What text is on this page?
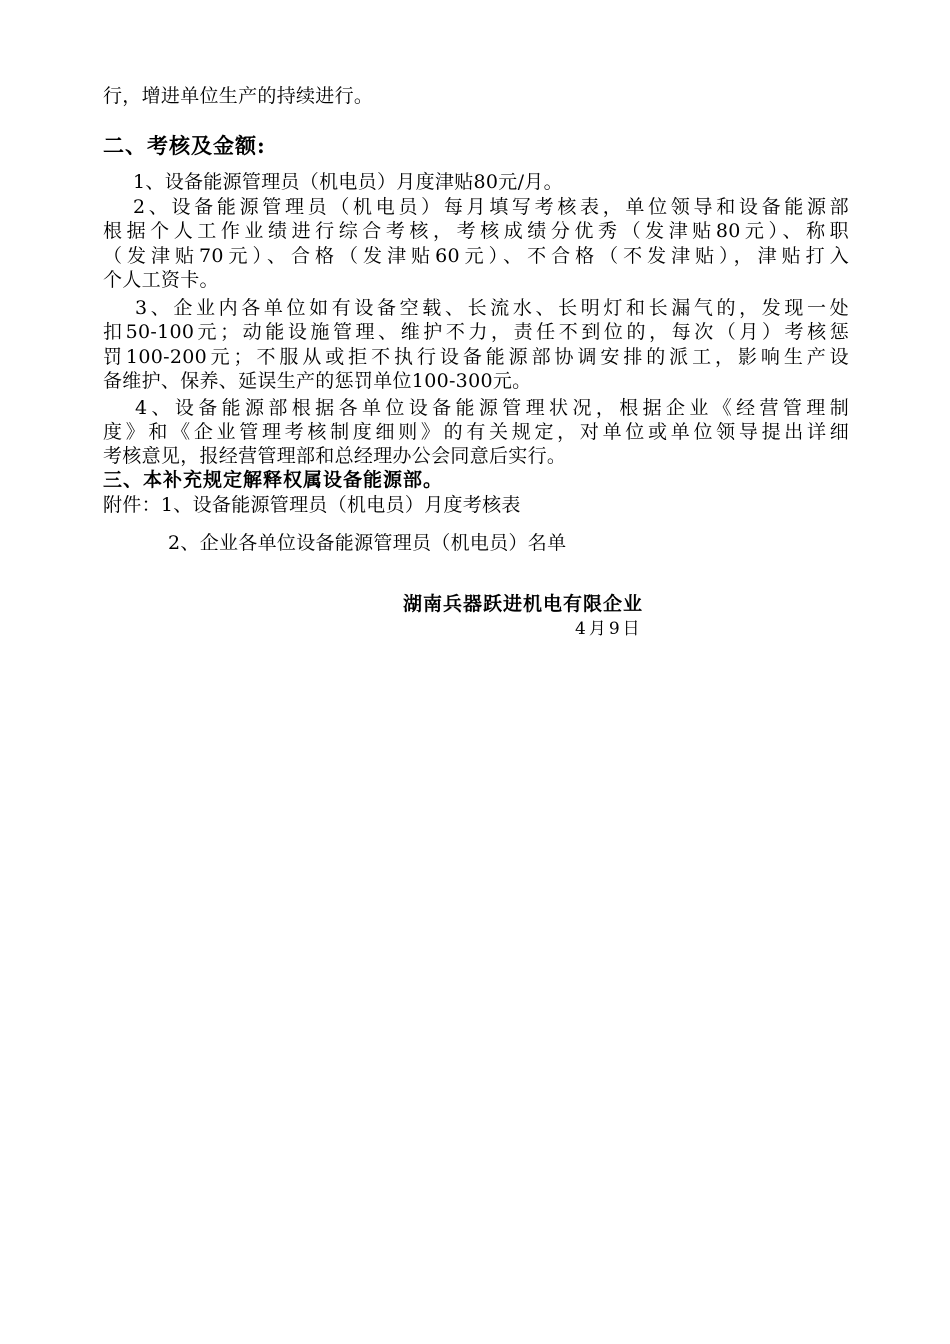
行，增进单位生产的持续进行。
二、考核及金额:
1、设备能源管理员（机电员）月度津贴80元/月。
2、设备能源管理员（机电员）每月填写考核表，单位领导和设备能源部
根据个人工作业绩进行综合考核，考核成绩分优秀（发津贴80元）、称职
（发津贴70元）、合格（发津贴60元）、不合格（不发津贴），津贴打入
个人工资卡。
3、企业内各单位如有设备空载、长流水、长明灯和长漏气的，发现一处
扣50-100元；动能设施管理、维护不力，责任不到位的，每次（月）考核惩
罚100-200元；不服从或拒不执行设备能源部协调安排的派工，影响生产设
备维护、保养、延误生产的惩罚单位100-300元。
4、设备能源部根据各单位设备能源管理状况，根据企业《经营管理制
度》和《企业管理考核制度细则》的有关规定，对单位或单位领导提出详细
考核意见，报经营管理部和总经理办公会同意后实行。
三、本补充规定解释权属设备能源部。
附件：1、设备能源管理员（机电员）月度考核表
2、企业各单位设备能源管理员（机电员）名单
湖南兵器跃进机电有限企业
4月9日
